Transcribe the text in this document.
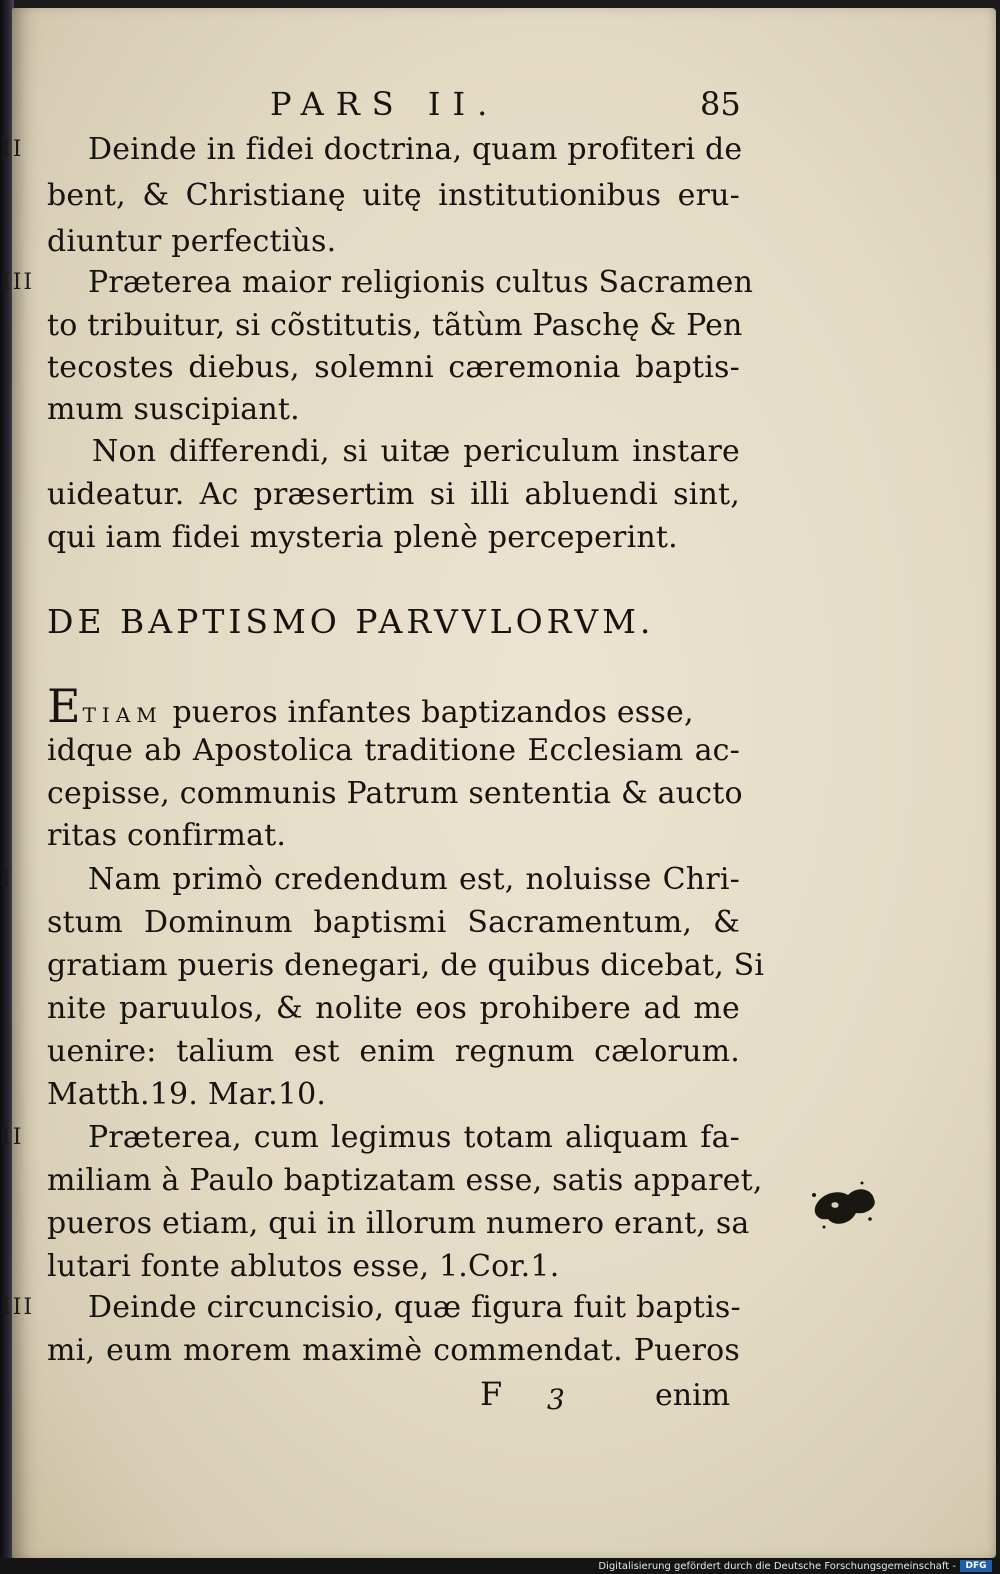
PARS II.	85
II	Deinde in fidei doctrina, quam profiteri de
bent, & Christianę uitę institutionibus eru-
diuntur perfectiùs.
III Præterea maior religionis cultus Sacramen
to tribuitur, si cõstitutis, tãtùm Paschę & Pen
tecostes diebus, solemni cæremonia baptis-
mum suscipiant.
Non differendi, si uitæ periculum instare
uideatur. Ac præsertim si illi abluendi sint,
qui iam fidei mysteria plenè perceperint.
DE BAPTISMO PARVVLORVM.
ETIAM pueros infantes baptizandos esse,
idque ab Apostolica traditione Ecclesiam ac-
cepisse, communis Patrum sententia & aucto
ritas confirmat.
I	Nam primò credendum est, noluisse Chri-
stum Dominum baptismi Sacramentum, &
gratiam pueris denegari, de quibus dicebat, Si
nite paruulos, & nolite eos prohibere ad me
uenire: talium est enim regnum cælorum.
Matth.19. Mar.10.
II	Præterea, cum legimus totam aliquam fa-
miliam à Paulo baptizatam esse, satis apparet,
pueros etiam, qui in illorum numero erant, sa
lutari fonte ablutos esse, 1.Cor.1.
III Deinde circuncisio, quæ figura fuit baptis-
mi, eum morem maximè commendat. Pueros
F 3	enim
Digitalisierung gefördert durch die Deutsche Forschungsgemeinschaft -	DFG
